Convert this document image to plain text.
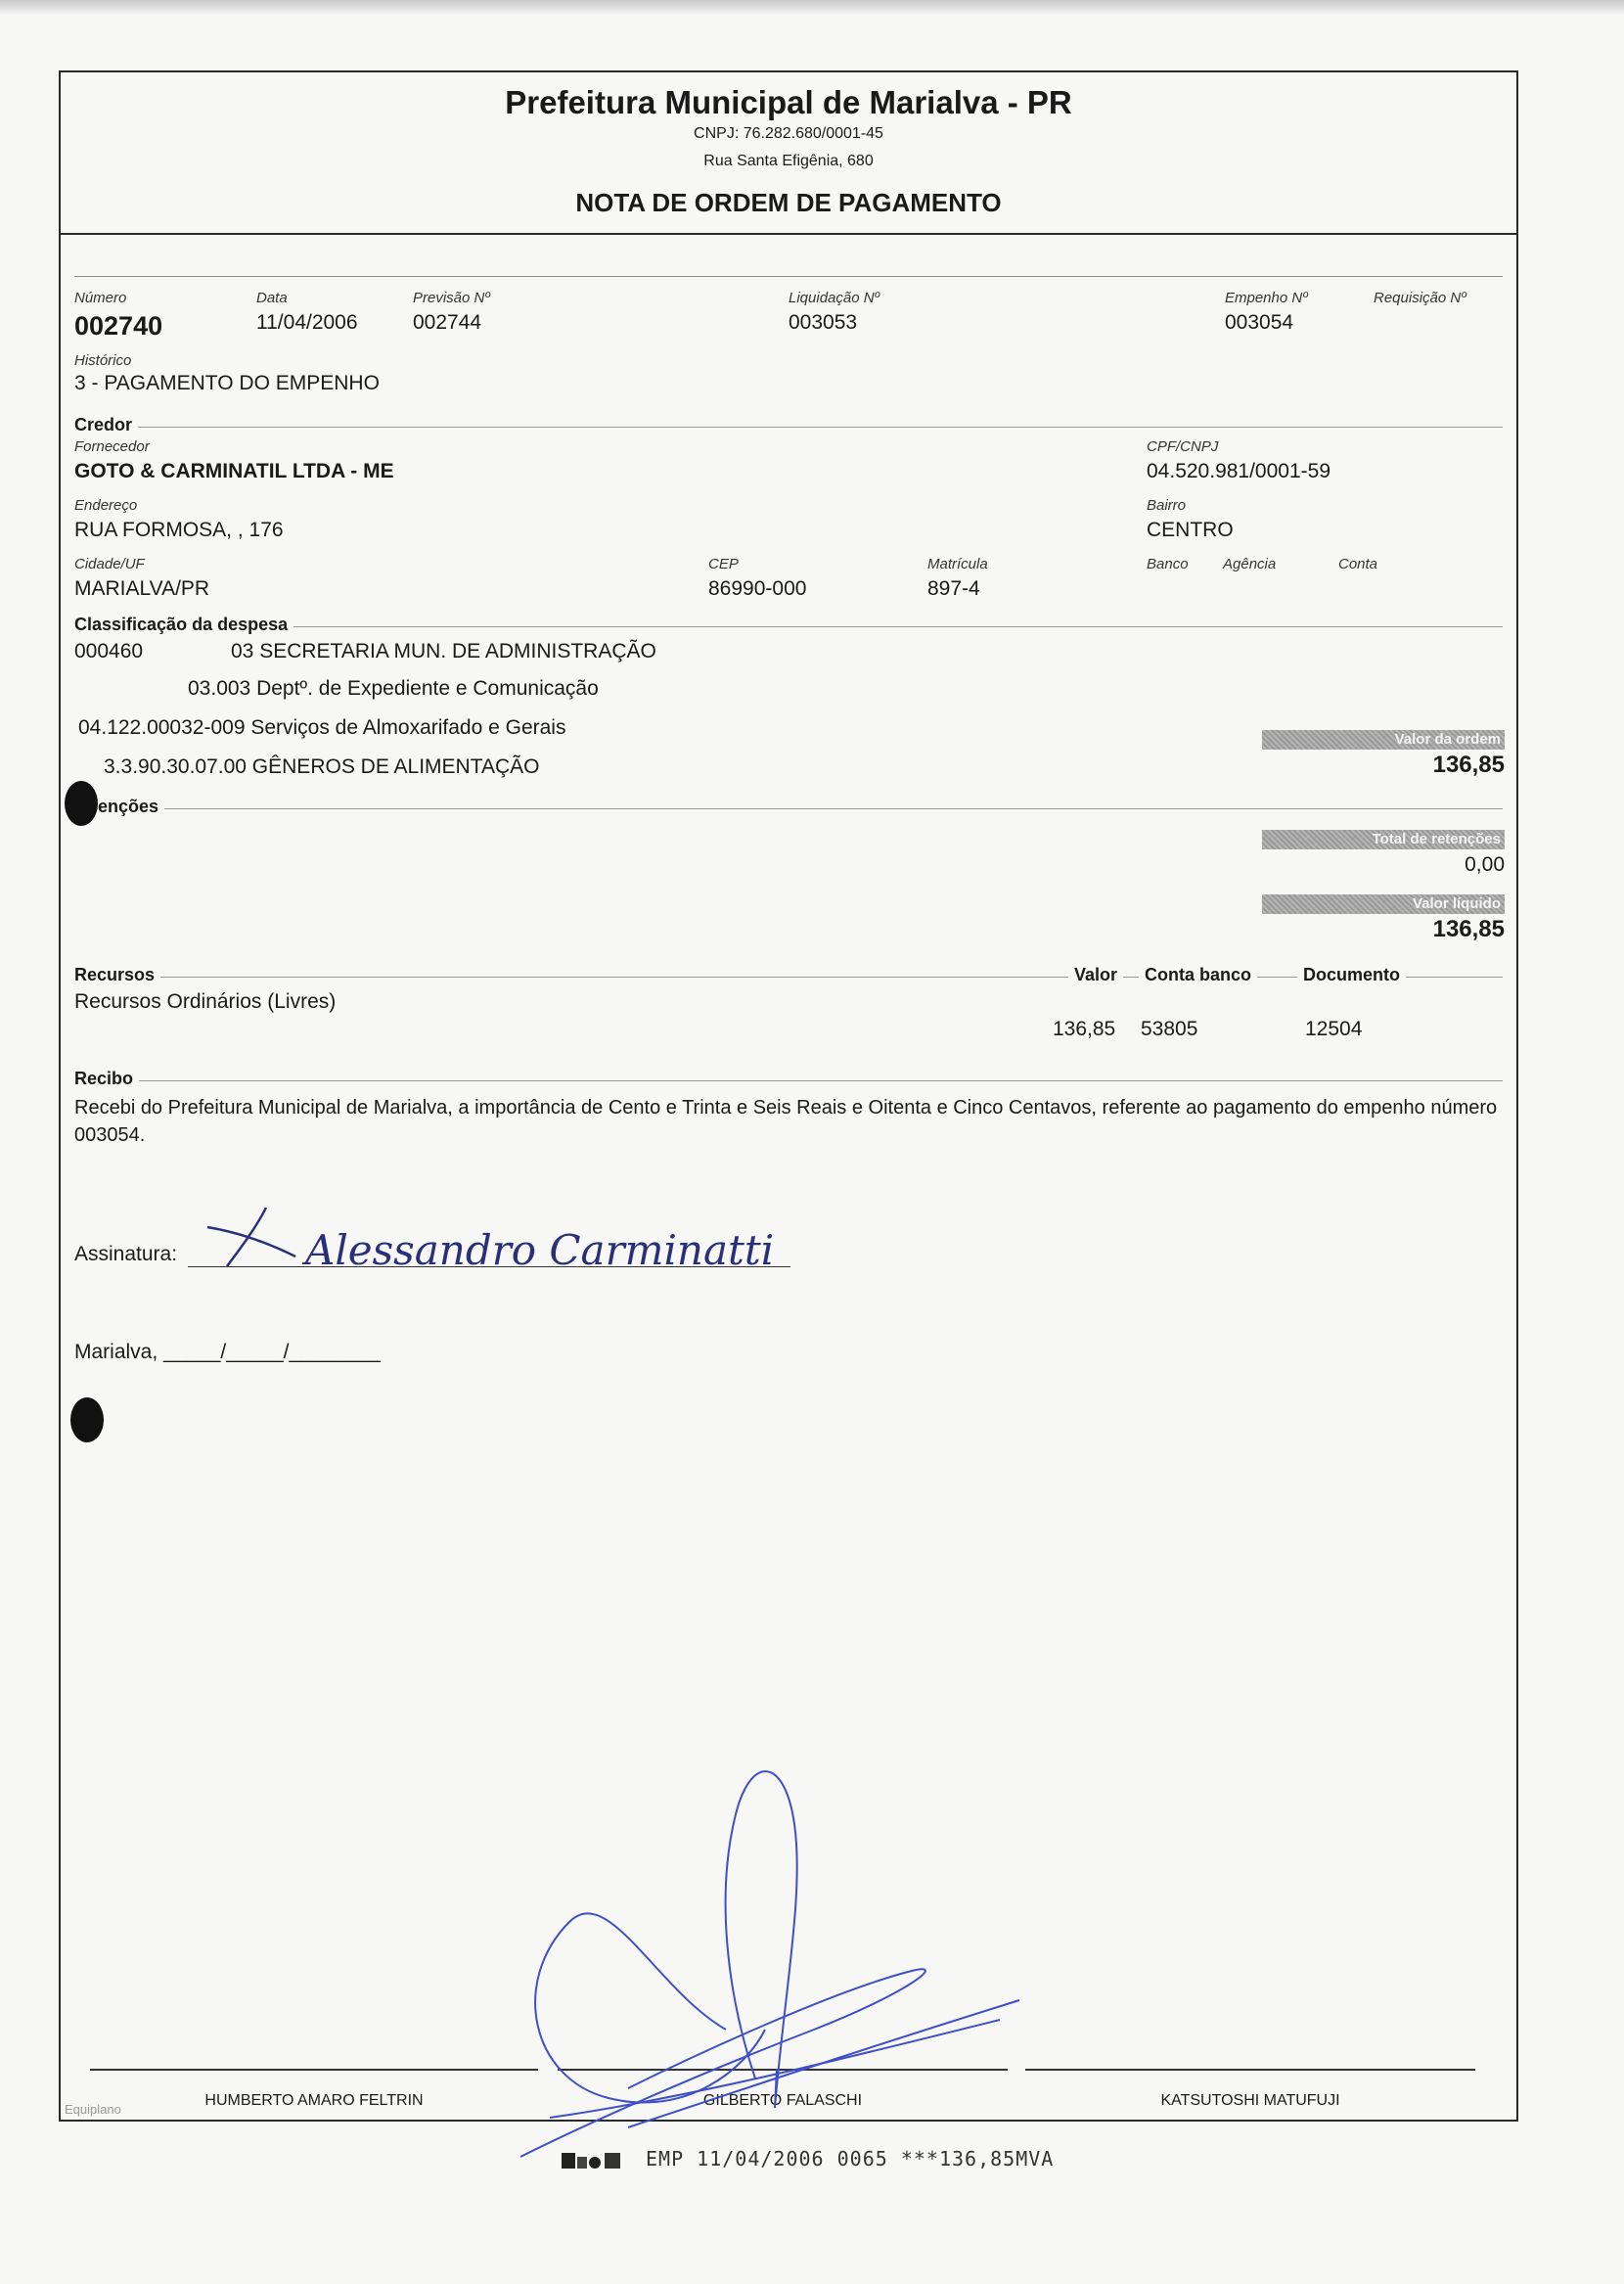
Prefeitura Municipal de Marialva - PR
CNPJ: 76.282.680/0001-45
Rua Santa Efigênia, 680
NOTA DE ORDEM DE PAGAMENTO
Número
002740
Data
11/04/2006
Previsão Nº
002744
Liquidação Nº
003053
Empenho Nº
003054
Requisição Nº
Histórico
3 - PAGAMENTO DO EMPENHO
Credor
Fornecedor
GOTO & CARMINATIL LTDA - ME
CPF/CNPJ
04.520.981/0001-59
Endereço
RUA FORMOSA, , 176
Bairro
CENTRO
Cidade/UF
MARIALVA/PR
CEP
86990-000
Matrícula
897-4
Banco Agência	Conta
Classificação da despesa
000460	03 SECRETARIA MUN. DE ADMINISTRAÇÃO
03.003 Deptº. de Expediente e Comunicação
04.122.00032-009 Serviços de Almoxarifado e Gerais
3.3.90.30.07.00 GÊNEROS DE ALIMENTAÇÃO
Valor da ordem
136,85
enções
Total de retenções
0,00
Valor líquido
136,85
Recursos	Valor	Conta banco	Documento
Recursos Ordinários (Livres)
136,85 53805	12504
Recibo
Recebi do Prefeitura Municipal de Marialva, a importância de Cento e Trinta e Seis Reais e Oitenta e Cinco Centavos, referente ao pagamento do empenho número 003054.
Assinatura:	Alessandro Carminatti
Marialva, _____/_____/________
HUMBERTO AMARO FELTRIN	GILBERTO FALASCHI	KATSUTOSHI MATUFUJI
Equiplano
EMP 11/04/2006 0065 ***136,85MVA
